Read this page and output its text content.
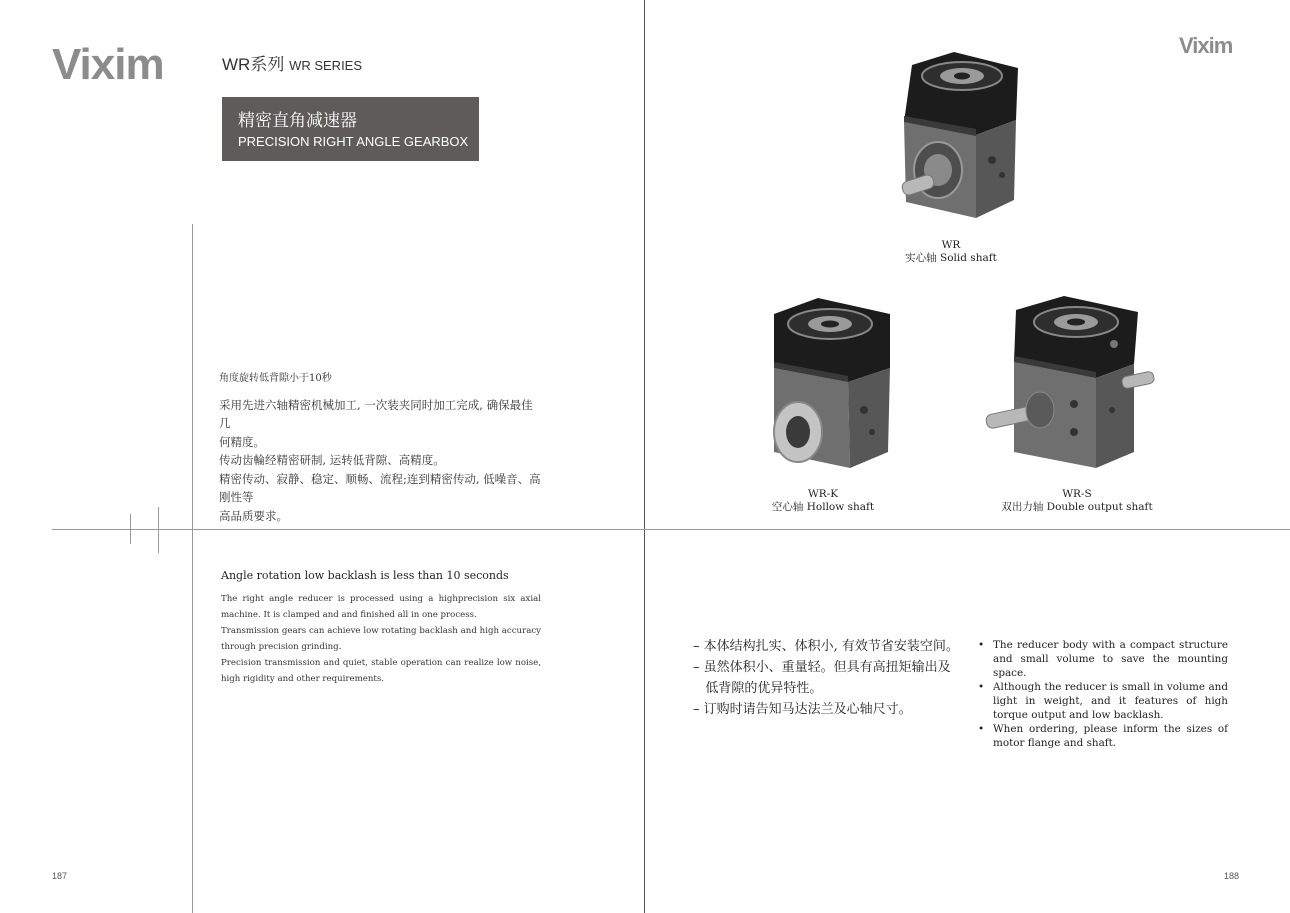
Vixim	WR系列 WR SERIES
精密直角减速器
PRECISION RIGHT ANGLE GEARBOX
Vixim
角度旋转低背隙小于10秒
采用先进六轴精密机械加工, 一次装夹同时加工完成, 确保最佳几
何精度。
传动齿輪经精密研制, 运转低背隙、高精度。
精密传动、寂静、稳定、顺畅、流程;连到精密传动, 低噪音、高刚性等
高品质要求。
Angle rotation low backlash is less than 10 seconds
The right angle reducer is processed using a highprecision six axial machine. It is clamped and and finished all in one process.
Transmission gears can achieve low rotating backlash and high accuracy through precision grinding.
Precision transmission and quiet, stable operation can realize low noise, high rigidity and other requirements.
187	188
WR
实心轴 Solid shaft
WR-K
空心轴 Hollow shaft
WR-S
双出力轴 Double output shaft
– 本体结构扎实、体积小, 有效节省安装空间。
– 虽然体积小、重量轻。但具有高扭矩输出及
低背隙的优异特性。
– 订购时请告知马达法兰及心轴尺寸。
• The reducer body with a compact structure and small volume to save the mounting space.
• Although the reducer is small in volume and light in weight, and it features of high torque output and low backlash.
• When ordering, please inform the sizes of motor flange and shaft.
